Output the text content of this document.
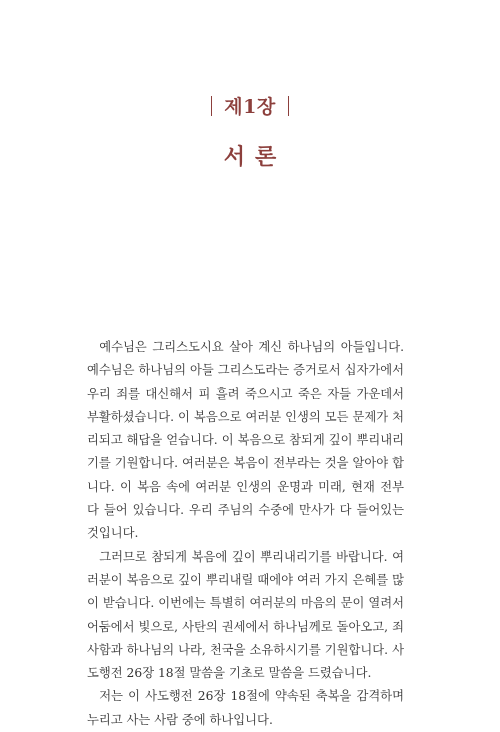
제1장
서론

예수님은 그리스도시요 살아 계신 하나님의 아들입니다. 예수님은 하나님의 아들 그리스도라는 증거로서 십자가에서 우리 죄를 대신해서 피 흘려 죽으시고 죽은 자들 가운데서 부활하셨습니다. 이 복음으로 여러분 인생의 모든 문제가 처리되고 해답을 얻습니다. 이 복음으로 참되게 깊이 뿌리내리기를 기원합니다. 여러분은 복음이 전부라는 것을 알아야 합니다. 이 복음 속에 여러분 인생의 운명과 미래, 현재 전부 다 들어 있습니다. 우리 주님의 수중에 만사가 다 들어있는 것입니다.

그러므로 참되게 복음에 깊이 뿌리내리기를 바랍니다. 여러분이 복음으로 깊이 뿌리내릴 때에야 여러 가지 은혜를 많이 받습니다. 이번에는 특별히 여러분의 마음의 문이 열려서 어둠에서 빛으로, 사탄의 권세에서 하나님께로 돌아오고, 죄 사함과 하나님의 나라, 천국을 소유하시기를 기원합니다. 사도행전 26장 18절 말씀을 기초로 말씀을 드렸습니다.

저는 이 사도행전 26장 18절에 약속된 축복을 감격하며 누리고 사는 사람 중에 하나입니다.
